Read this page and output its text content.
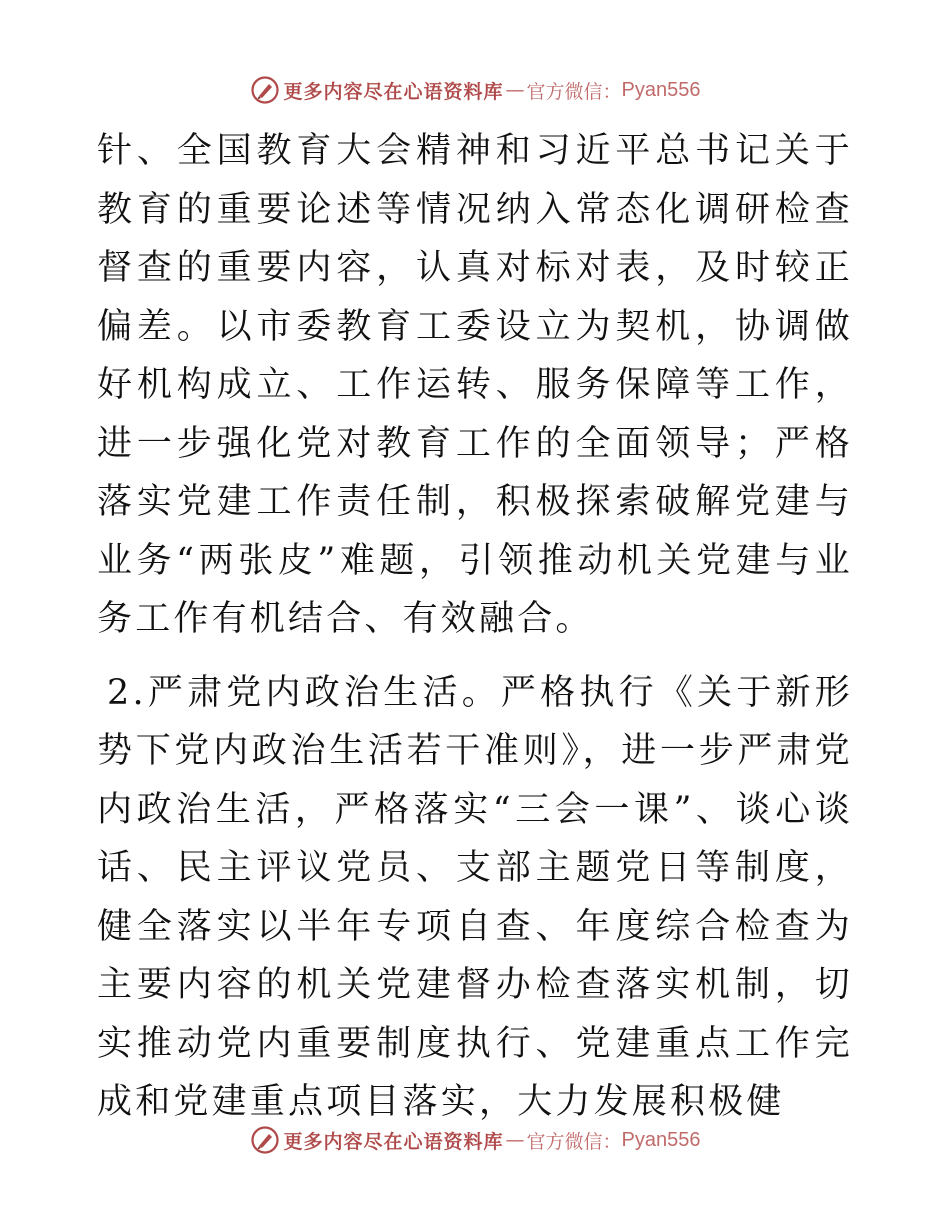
更多内容尽在心语资料库 — 官方微信： Pyan556

针、全国教育大会精神和习近平总书记关于教育的重要论述等情况纳入常态化调研检查督查的重要内容，认真对标对表，及时较正偏差。以市委教育工委设立为契机，协调做好机构成立、工作运转、服务保障等工作，进一步强化党对教育工作的全面领导；严格落实党建工作责任制，积极探索破解党建与业务“两张皮”难题，引领推动机关党建与业务工作有机结合、有效融合。

2.严肃党内政治生活。严格执行《关于新形势下党内政治生活若干准则》，进一步严肃党内政治生活，严格落实“三会一课”、谈心谈话、民主评议党员、支部主题党日等制度，健全落实以半年专项自查、年度综合检查为主要内容的机关党建督办检查落实机制，切实推动党内重要制度执行、党建重点工作完成和党建重点项目落实，大力发展积极健

更多内容尽在心语资料库 — 官方微信： Pyan556
